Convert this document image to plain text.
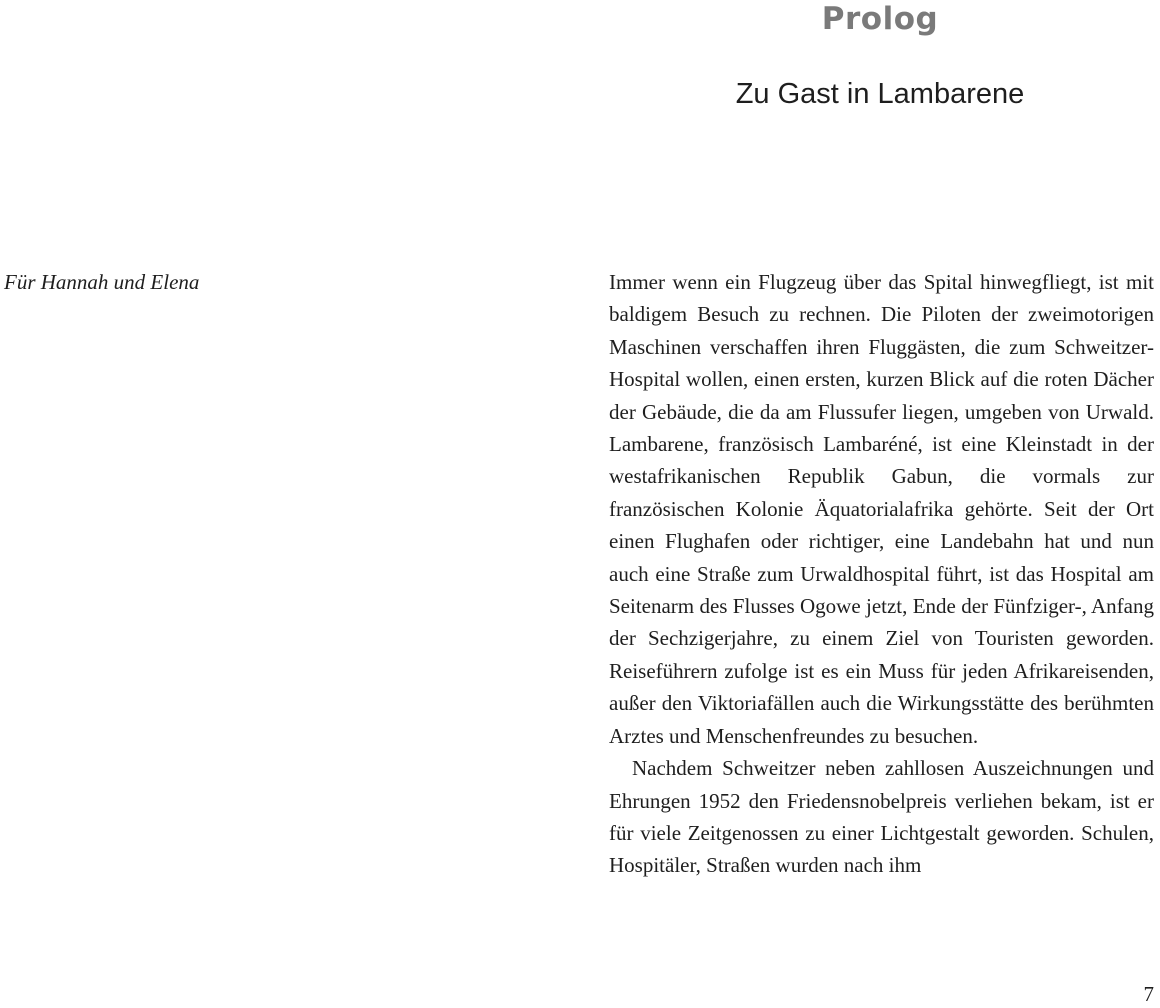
Prolog
Zu Gast in Lambarene
Für Hannah und Elena	Immer wenn ein Flugzeug über das Spital hinwegfliegt, ist mit baldigem Besuch zu rechnen. Die Piloten der zweimotorigen Maschinen verschaffen ihren Fluggästen, die zum Schweitzer-Hospital wollen, einen ersten, kurzen Blick auf die roten Dächer der Gebäude, die da am Flussufer liegen, umgeben von Urwald. Lambarene, französisch Lambaréné, ist eine Kleinstadt in der westafrikanischen Republik Gabun, die vormals zur französischen Kolonie Äquatorialafrika gehörte. Seit der Ort einen Flughafen oder richtiger, eine Landebahn hat und nun auch eine Straße zum Urwaldhospital führt, ist das Hospital am Seitenarm des Flusses Ogowe jetzt, Ende der Fünfziger-, Anfang der Sechzigerjahre, zu einem Ziel von Touristen geworden. Reiseführern zufolge ist es ein Muss für jeden Afrikareisenden, außer den Viktoriafällen auch die Wirkungsstätte des berühmten Arztes und Menschenfreundes zu besuchen.

Nachdem Schweitzer neben zahllosen Auszeichnungen und Ehrungen 1952 den Friedensnobelpreis verliehen bekam, ist er für viele Zeitgenossen zu einer Lichtgestalt geworden. Schulen, Hospitäler, Straßen wurden nach ihm

7
